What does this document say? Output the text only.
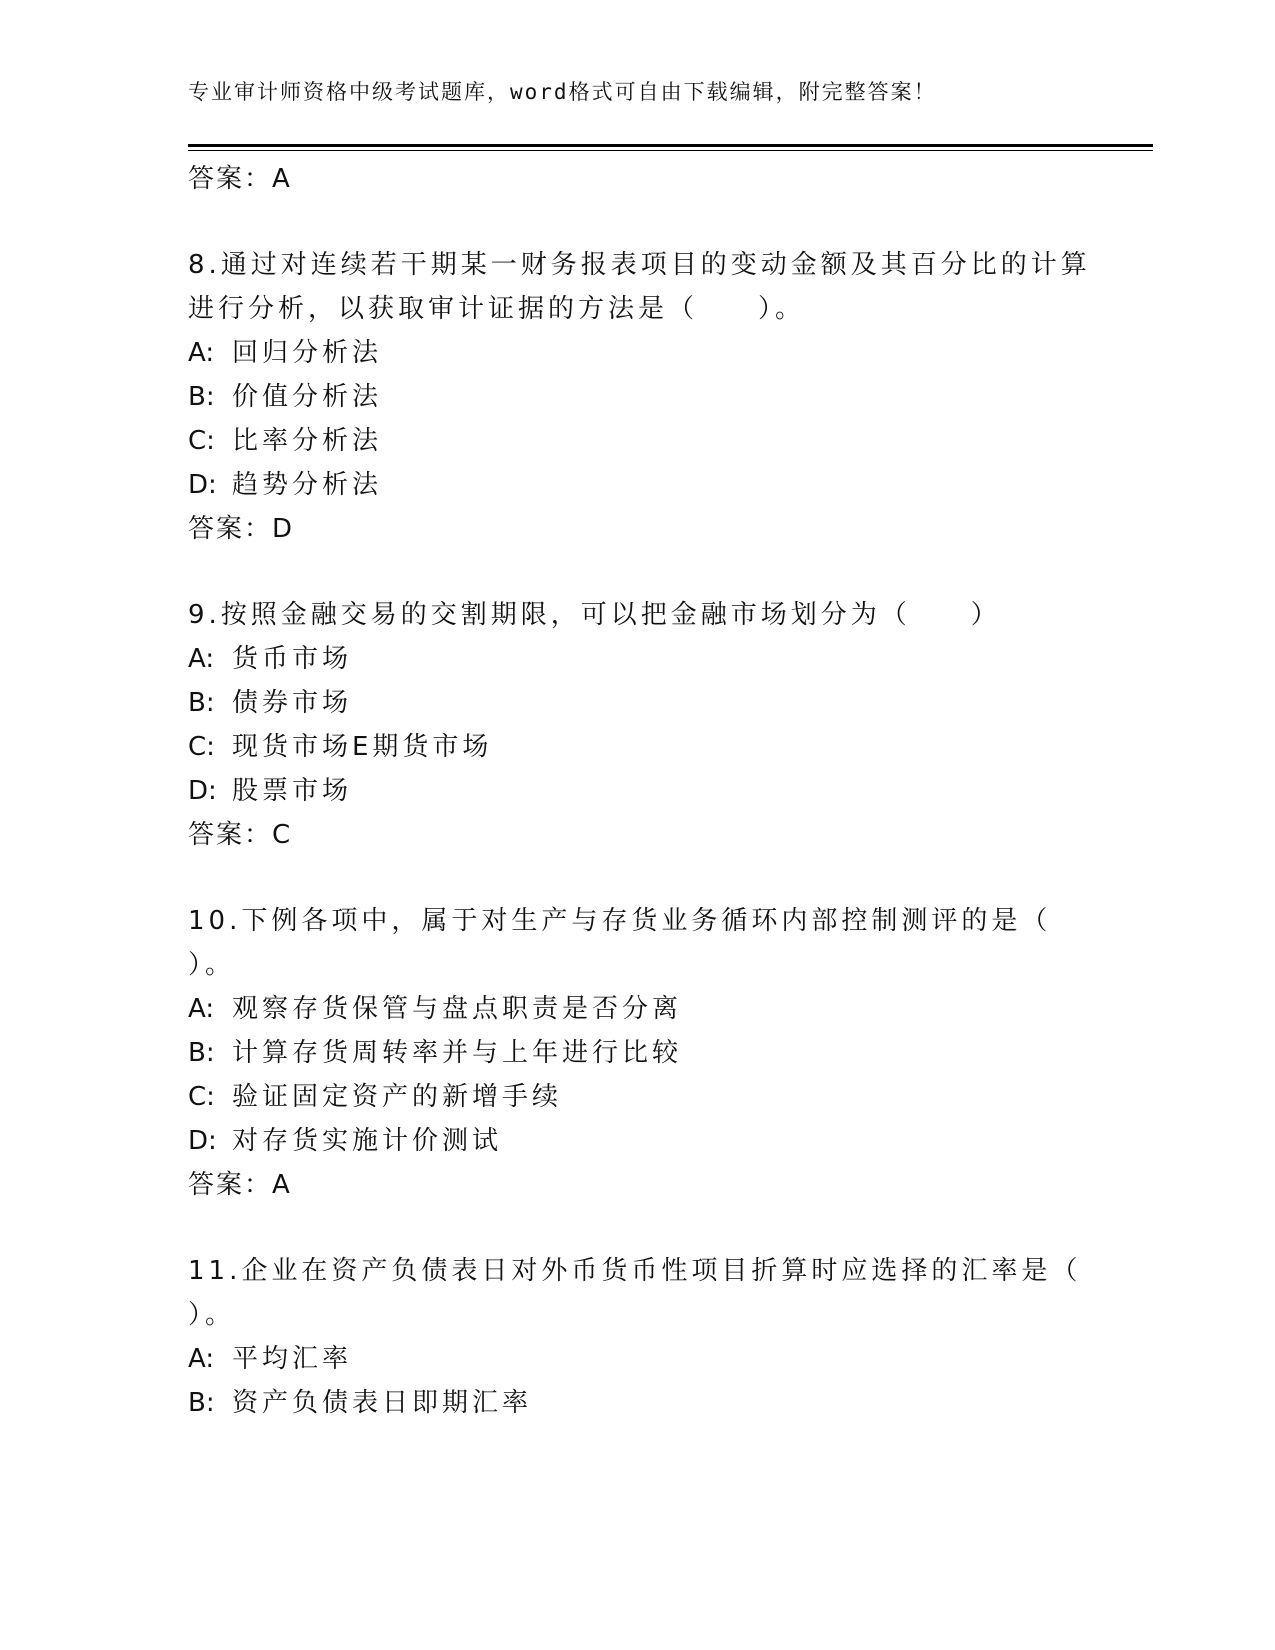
专业审计师资格中级考试题库，word格式可自由下载编辑，附完整答案！
答案：A
8.通过对连续若干期某一财务报表项目的变动金额及其百分比的计算
进行分析，以获取审计证据的方法是（　　）。
A: 回归分析法
B: 价值分析法
C: 比率分析法
D: 趋势分析法
答案：D
9.按照金融交易的交割期限，可以把金融市场划分为（　　）
A: 货币市场
B: 债券市场
C: 现货市场E期货市场
D: 股票市场
答案：C
10.下例各项中，属于对生产与存货业务循环内部控制测评的是（
）。
A: 观察存货保管与盘点职责是否分离
B: 计算存货周转率并与上年进行比较
C: 验证固定资产的新增手续
D: 对存货实施计价测试
答案：A
11.企业在资产负债表日对外币货币性项目折算时应选择的汇率是（
）。
A: 平均汇率
B: 资产负债表日即期汇率
